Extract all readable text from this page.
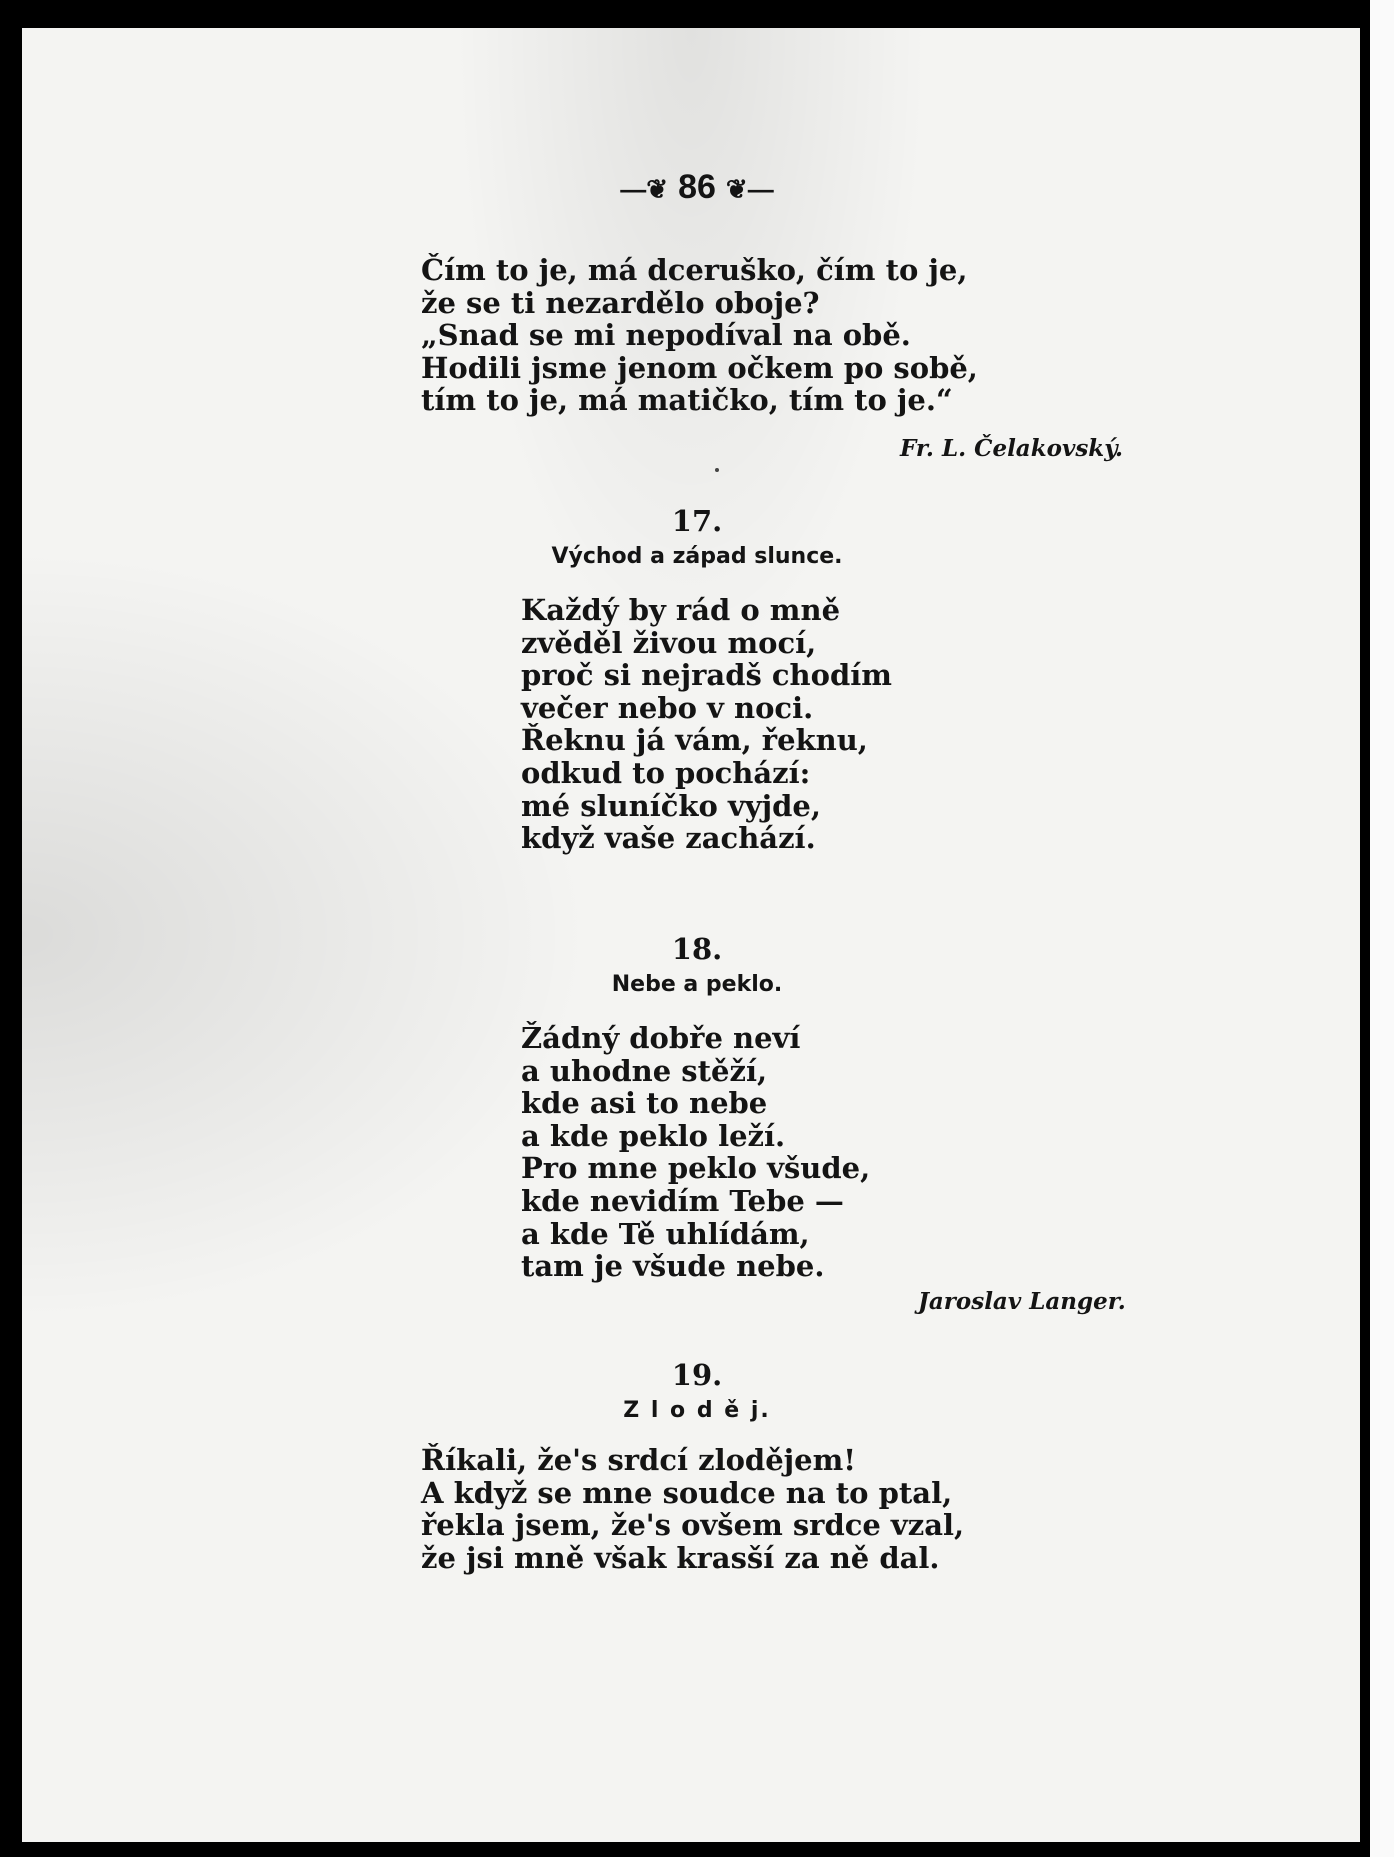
—❦ 86 ❦—
Čím to je, má dceruško, čím to je,
že se ti nezardělo oboje?
„Snad se mi nepodíval na obě.
Hodili jsme jenom očkem po sobě,
tím to je, má matičko, tím to je.“
Fr. L. Čelakovský.
17.
Východ a západ slunce.
Každý by rád o mně
zvěděl živou mocí,
proč si nejradš chodím
večer nebo v noci.
Řeknu já vám, řeknu,
odkud to pochází:
mé sluníčko vyjde,
když vaše zachází.
18.
Nebe a peklo.
Žádný dobře neví
a uhodne stěží,
kde asi to nebe
a kde peklo leží.
Pro mne peklo všude,
kde nevidím Tebe —
a kde Tě uhlídám,
tam je všude nebe.
Jaroslav Langer.
19.
Z l o d ě j.
Říkali, že's srdcí zlodějem!
A když se mne soudce na to ptal,
řekla jsem, že's ovšem srdce vzal,
že jsi mně však krasší za ně dal.
